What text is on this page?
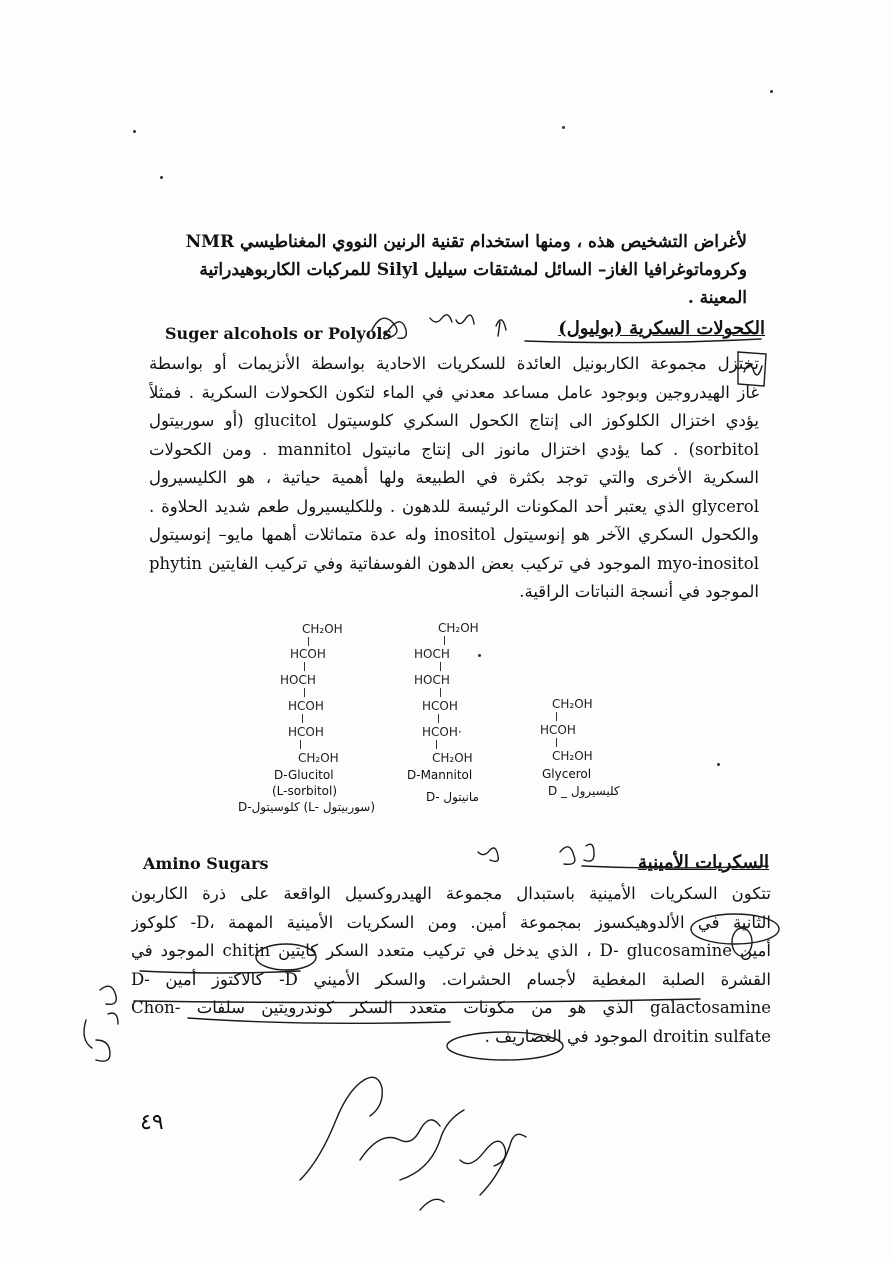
لأغراض التشخيص هذه ، ومنها استخدام تقنية الرنين النووي المغناطيسي NMR
وكروماتوغرافيا الغاز– السائل لمشتقات سيليل Silyl للمركبات الكاربوهيدراتية المعينة .
Suger alcohols or Polyols	الكحولات السكرية (بوليول)
تختزل مجموعة الكاربونيل العائدة للسكريات الاحادية بواسطة الأنزيمات أو بواسطة
غاز الهيدروجين وبوجود عامل مساعد معدني في الماء لتكون الكحولات السكرية . فمثلاً
يؤدي اختزال الكلوكوز الى إنتاج الكحول السكري كلوسيتول glucitol (أو سوربيتول
sorbitol) . كما يؤدي اختزال مانوز الى إنتاج مانيتول mannitol . ومن الكحولات
السكرية الأخرى والتي توجد بكثرة في الطبيعة ولها أهمية حياتية ، هو الكليسيرول
glycerol الذي يعتبر أحد المكونات الرئيسة للدهون . وللكليسيرول طعم شديد الحلاوة .
والكحول السكري الآخر هو إنوسيتول inositol وله عدة متماثلات أهمها مايو– إنوسيتول
myo-inositol الموجود في تركيب بعض الدهون الفوسفاتية وفي تركيب الفايتين phytin
الموجود في أنسجة النباتات الراقية.
CH₂OH
HCOH
HOCH
HCOH
HCOH
CH₂OH
D-Glucitol
(L-sorbitol)
D-كلوسيتول (L- سوربيتول)
CH₂OH
HOCH
HOCH
HCOH
HCOH·
CH₂OH
D-Mannitol
D- مانيتول
CH₂OH
HCOH
CH₂OH
Glycerol
D _ كليسيرول
Amino Sugars	السكريات الأمينية
تتكون السكريات الأمينية باستبدال مجموعة الهيدروكسيل الواقعة على ذرة الكاربون
الثانية في الألدوهيكسوز بمجموعة أمين. ومن السكريات الأمينية المهمة ،D- كلوكوز
أمين D- glucosamine ، الذي يدخل في تركيب متعدد السكر كايتين chitin الموجود في
القشرة الصلبة المغطية لأجسام الحشرات. والسكر الأميني D- كالاكتوز أمين -D
galactosamine الذي هو من مكونات متعدد السكر كوندرويتين سلفات -Chon
droitin sulfate الموجود في الغضاريف .
٤٩
